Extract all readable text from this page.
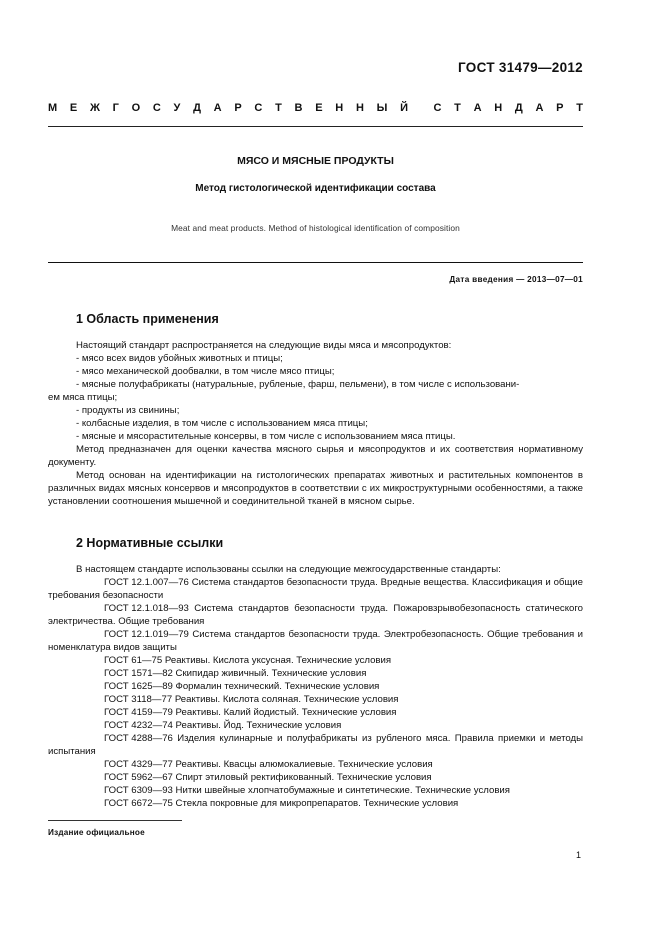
ГОСТ 31479—2012
М Е Ж Г О С У Д А Р С Т В Е Н Н Ы Й С Т А Н Д А Р Т
МЯСО И МЯСНЫЕ ПРОДУКТЫ
Метод гистологической идентификации состава
Meat and meat products. Method of histological identification of composition
Дата введения — 2013—07—01
1 Область применения

Настоящий стандарт распространяется на следующие виды мяса и мясопродуктов:

- мясо всех видов убойных животных и птицы;

- мясо механической дообвалки, в том числе мясо птицы;

- мясные полуфабрикаты (натуральные, рубленые, фарш, пельмени), в том числе с использовани-

ем мяса птицы;

- продукты из свинины;

- колбасные изделия, в том числе с использованием мяса птицы;

- мясные и мясорастительные консервы, в том числе с использованием мяса птицы.

Метод предназначен для оценки качества мясного сырья и мясопродуктов и их соответствия нормативному документу.

Метод основан на идентификации на гистологических препаратах животных и растительных компонентов в различных видах мясных консервов и мясопродуктов в соответствии с их микроструктурными особенностями, а также установлении соотношения мышечной и соединительной тканей в мясном сырье.

2 Нормативные ссылки

В настоящем стандарте использованы ссылки на следующие межгосударственные стандарты:

ГОСТ 12.1.007—76 Система стандартов безопасности труда. Вредные вещества. Классификация и общие требования безопасности

ГОСТ 12.1.018—93 Система стандартов безопасности труда. Пожаровзрывобезопасность статического электричества. Общие требования

ГОСТ 12.1.019—79 Система стандартов безопасности труда. Электробезопасность. Общие требования и номенклатура видов защиты

ГОСТ 61—75 Реактивы. Кислота уксусная. Технические условия

ГОСТ 1571—82 Скипидар живичный. Технические условия

ГОСТ 1625—89 Формалин технический. Технические условия

ГОСТ 3118—77 Реактивы. Кислота соляная. Технические условия

ГОСТ 4159—79 Реактивы. Калий йодистый. Технические условия

ГОСТ 4232—74 Реактивы. Йод. Технические условия

ГОСТ 4288—76 Изделия кулинарные и полуфабрикаты из рубленого мяса. Правила приемки и методы испытания

ГОСТ 4329—77 Реактивы. Квасцы алюмокалиевые. Технические условия

ГОСТ 5962—67 Спирт этиловый ректификованный. Технические условия

ГОСТ 6309—93 Нитки швейные хлопчатобумажные и синтетические. Технические условия

ГОСТ 6672—75 Стекла покровные для микропрепаратов. Технические условия

Издание официальное
1
